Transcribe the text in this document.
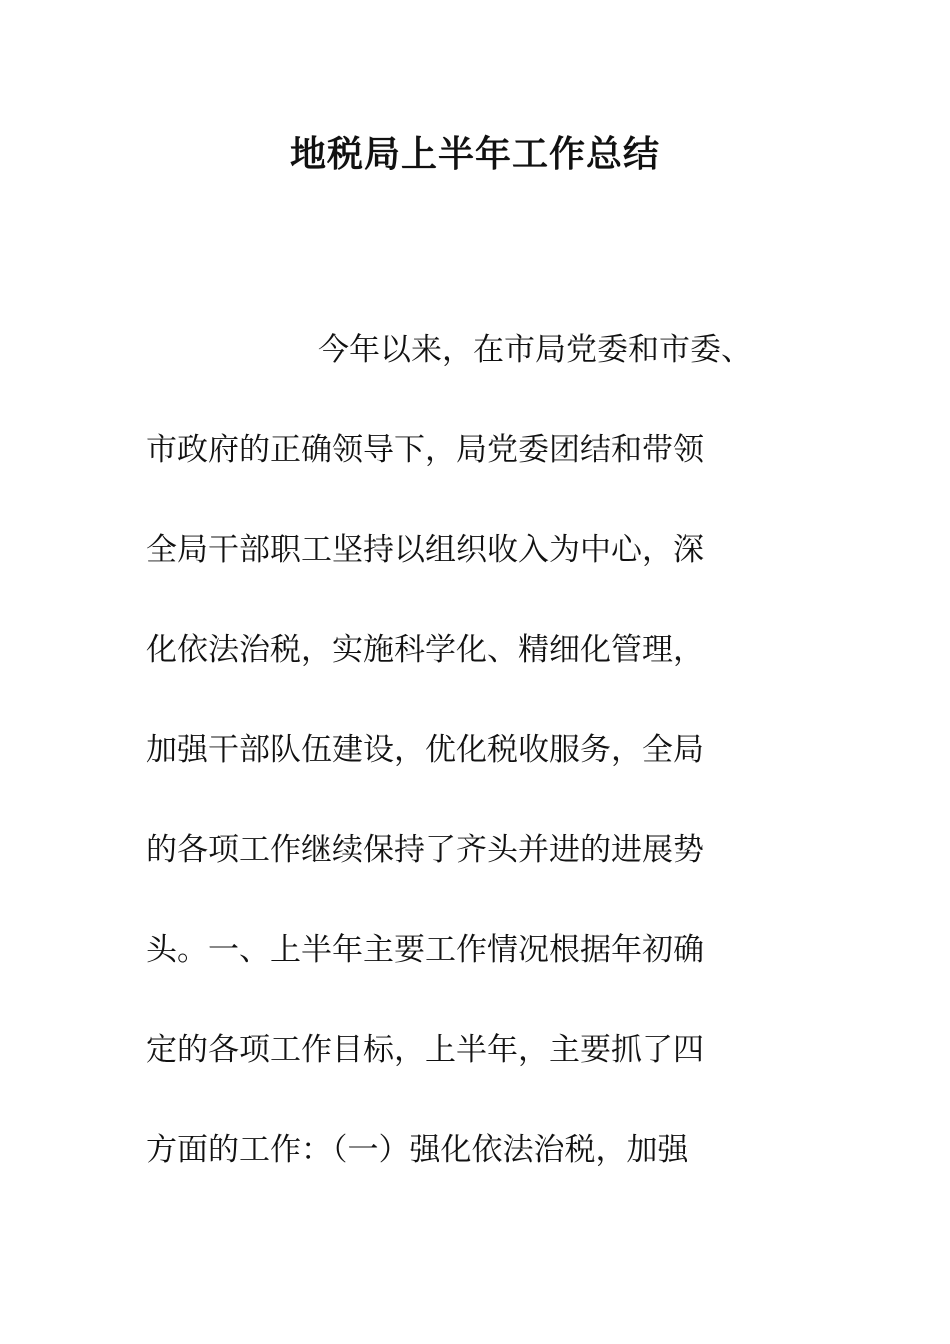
地税局上半年工作总结
今年以来，在市局党委和市委、
市政府的正确领导下，局党委团结和带领
全局干部职工坚持以组织收入为中心，深
化依法治税，实施科学化、精细化管理，
加强干部队伍建设，优化税收服务，全局
的各项工作继续保持了齐头并进的进展势
头。一、上半年主要工作情况根据年初确
定的各项工作目标，上半年，主要抓了四
方面的工作：（一）强化依法治税，加强
